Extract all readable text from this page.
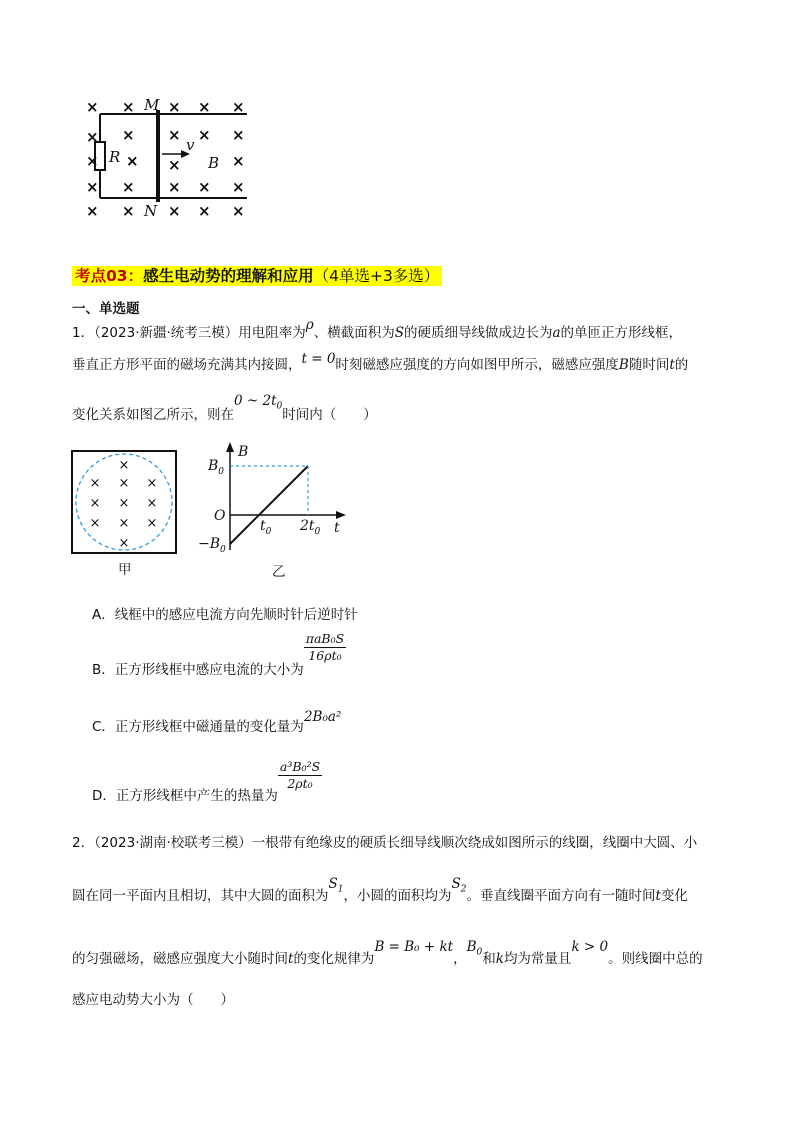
× × × × ×
× × × × ×
×	×	×
× × × × ×
× × × × ×
M
N
R
v
B
×
考点03：感生电动势的理解和应用（4单选+3多选）
一、单选题
1．（2023·新疆·统考三模）用电阻率为ρ、横截面积为S的硬质细导线做成边长为a的单匝正方形线框，
垂直正方形平面的磁场充满其内接圆，t = 0时刻磁感应强度的方向如图甲所示，磁感应强度B随时间t的
变化关系如图乙所示，则在0 ~ $2t_0$时间内（　　）
×
× × ×
× × ×
× × ×
×
甲
B
t
$B_0$
O
$-B_0$
$t_0$ $2t_0$
乙
A．线框中的感应电流方向先顺时针后逆时针
B．正方形线框中感应电流的大小为
$\frac{\text{πaB₀S}}{\text{16ρt₀}}$
C．正方形线框中磁通量的变化量为2B₀a²
D．正方形线框中产生的热量为
$\frac{\text{a³B₀²S}}{\text{2ρt₀}}$
2．（2023·湖南·校联考三模）一根带有绝缘皮的硬质长细导线顺次绕成如图所示的线圈，线圈中大圆、小
圆在同一平面内且相切，其中大圆的面积为$S_1$，小圆的面积均为$S_2$。垂直线圈平面方向有一随时间t变化
的匀强磁场，磁感应强度大小随时间t的变化规律为B = B₀ + kt，$B_0$和k均为常量且k > 0。则线圈中总的
感应电动势大小为（　　）
